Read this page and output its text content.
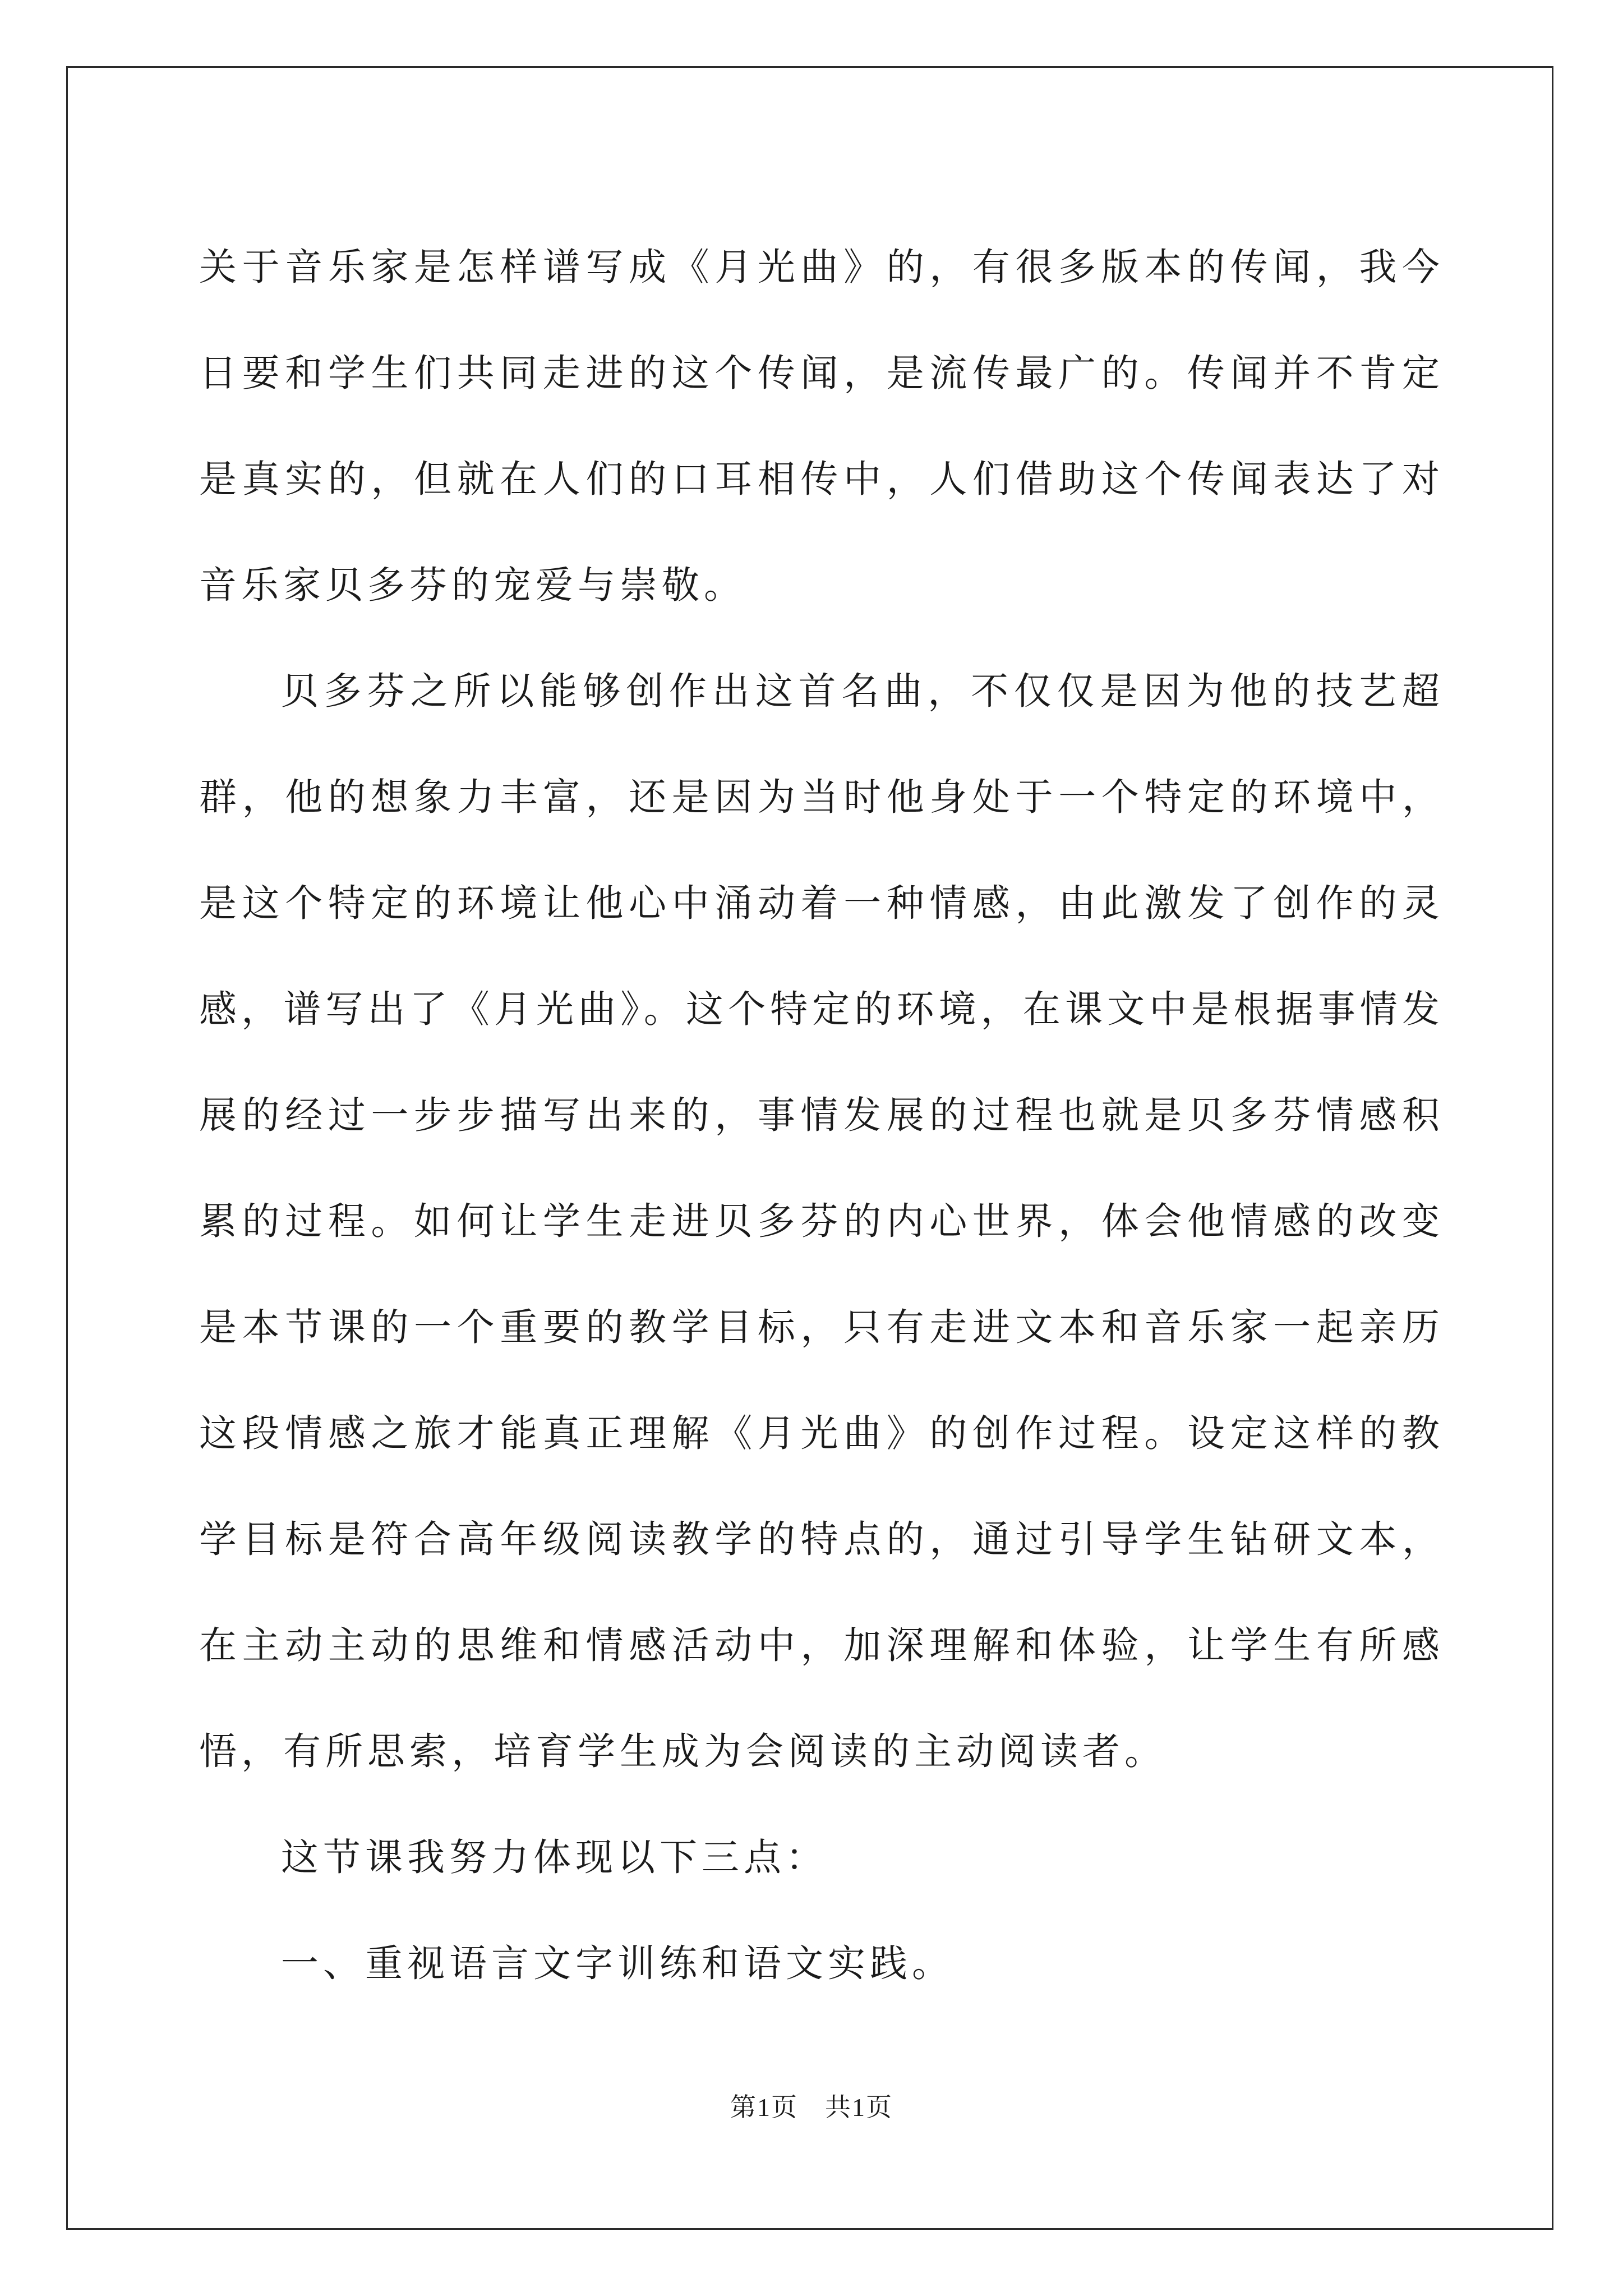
关于音乐家是怎样谱写成《月光曲》的，有很多版本的传闻，我今日要和学生们共同走进的这个传闻，是流传最广的。传闻并不肯定是真实的，但就在人们的口耳相传中，人们借助这个传闻表达了对音乐家贝多芬的宠爱与崇敬。

贝多芬之所以能够创作出这首名曲，不仅仅是因为他的技艺超群，他的想象力丰富，还是因为当时他身处于一个特定的环境中，是这个特定的环境让他心中涌动着一种情感，由此激发了创作的灵感，谱写出了《月光曲》。这个特定的环境，在课文中是根据事情发展的经过一步步描写出来的，事情发展的过程也就是贝多芬情感积累的过程。如何让学生走进贝多芬的内心世界，体会他情感的改变是本节课的一个重要的教学目标，只有走进文本和音乐家一起亲历这段情感之旅才能真正理解《月光曲》的创作过程。设定这样的教学目标是符合高年级阅读教学的特点的，通过引导学生钻研文本，在主动主动的思维和情感活动中，加深理解和体验，让学生有所感悟，有所思索，培育学生成为会阅读的主动阅读者。

这节课我努力体现以下三点：

一、重视语言文字训练和语文实践。

第1页 共1页
